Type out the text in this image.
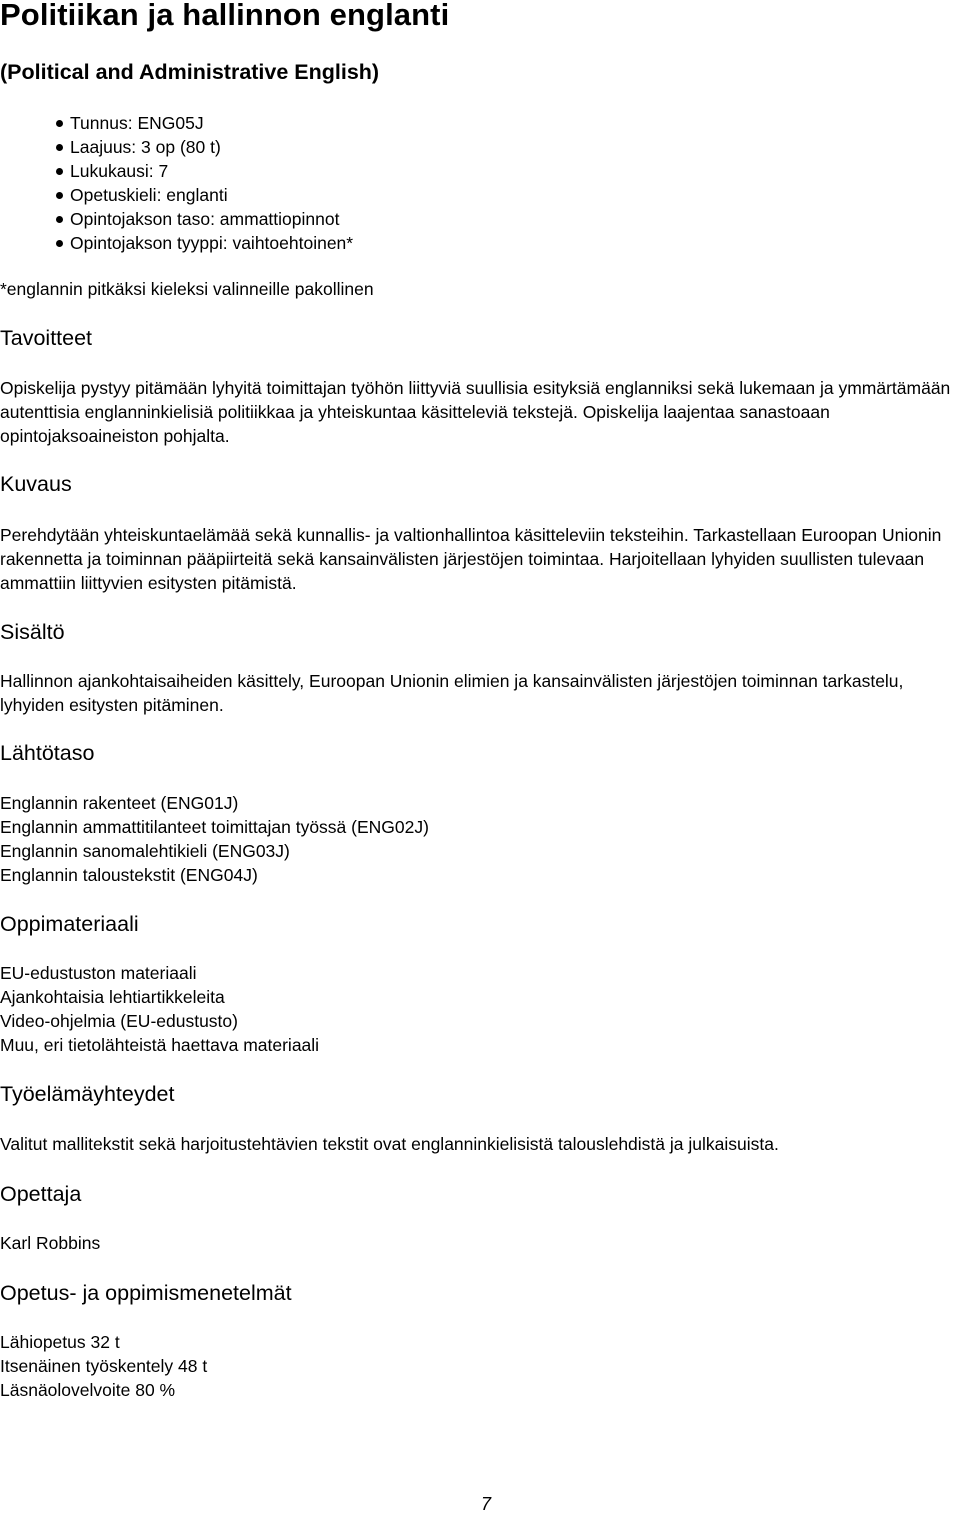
Politiikan ja hallinnon englanti
(Political and Administrative English)
Tunnus: ENG05J
Laajuus: 3 op (80 t)
Lukukausi: 7
Opetuskieli: englanti
Opintojakson taso: ammattiopinnot
Opintojakson tyyppi: vaihtoehtoinen*
*englannin pitkäksi kieleksi valinneille pakollinen
Tavoitteet
Opiskelija pystyy pitämään lyhyitä toimittajan työhön liittyviä suullisia esityksiä englanniksi sekä lukemaan ja ymmärtämään autenttisia englanninkielisiä politiikkaa ja yhteiskuntaa käsitteleviä tekstejä. Opiskelija laajentaa sanastoaan opintojaksoaineiston pohjalta.
Kuvaus
Perehdytään yhteiskuntaelämää sekä kunnallis- ja valtionhallintoa käsitteleviin teksteihin. Tarkastellaan Euroopan Unionin rakennetta ja toiminnan pääpiirteitä sekä kansainvälisten järjestöjen toimintaa. Harjoitellaan lyhyiden suullisten tulevaan ammattiin liittyvien esitysten pitämistä.
Sisältö
Hallinnon ajankohtaisaiheiden käsittely, Euroopan Unionin elimien ja kansainvälisten järjestöjen toiminnan tarkastelu, lyhyiden esitysten pitäminen.
Lähtötaso
Englannin rakenteet (ENG01J)
Englannin ammattitilanteet toimittajan työssä (ENG02J)
Englannin sanomalehtikieli (ENG03J)
Englannin taloustekstit (ENG04J)
Oppimateriaali
EU-edustuston materiaali
Ajankohtaisia lehtiartikkeleita
Video-ohjelmia (EU-edustusto)
Muu, eri tietolähteistä haettava materiaali
Työelämäyhteydet
Valitut mallitekstit sekä harjoitustehtävien tekstit ovat englanninkielisistä talouslehdistä ja julkaisuista.
Opettaja
Karl Robbins
Opetus- ja oppimismenetelmät
Lähiopetus 32 t
Itsenäinen työskentely 48 t
Läsnäolovelvoite 80 %
7
